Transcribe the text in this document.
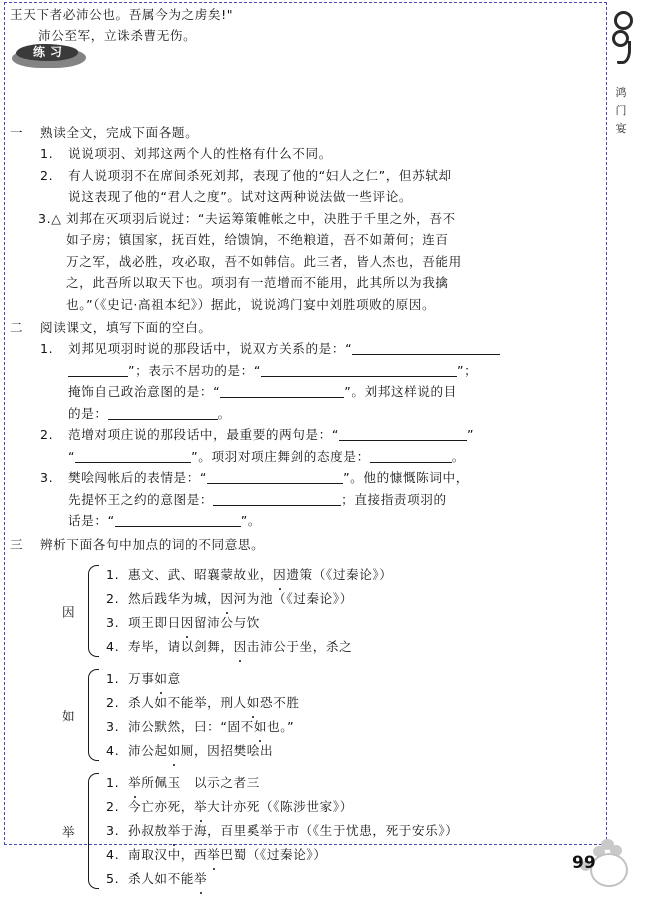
鸿
门
宴
练习
王天下者必沛公也。吾属今为之虏矣!"
沛公至军，立诛杀曹无伤。
一 熟读全文，完成下面各题。
1.	说说项羽、刘邦这两个人的性格有什么不同。
2.	有人说项羽不在席间杀死刘邦，表现了他的“妇人之仁”，但苏轼却
说这表现了他的“君人之度”。试对这两种说法做一些评论。
3.△ 刘邦在灭项羽后说过：“夫运筹策帷帐之中，决胜于千里之外，吾不
如子房；镇国家，抚百姓，给馈饷，不绝粮道，吾不如萧何；连百
万之军，战必胜，攻必取，吾不如韩信。此三者，皆人杰也，吾能用
之，此吾所以取天下也。项羽有一范增而不能用，此其所以为我擒
也。”（《史记·高祖本纪》）据此，说说鸿门宴中刘胜项败的原因。
二 阅读课文，填写下面的空白。
1.	刘邦见项羽时说的那段话中，说双方关系的是：“
”；表示不居功的是：“	”；
掩饰自己政治意图的是：“	”。刘邦这样说的目
的是：	。
2.	范增对项庄说的那段话中，最重要的两句是：“	”
“	”。项羽对项庄舞剑的态度是：	。
3.	樊哙闯帐后的表情是：“	”。他的慷慨陈词中，
先提怀王之约的意图是：	；直接指责项羽的
话是：“	”。
三 辨析下面各句中加点的词的不同意思。
因
1. 惠文、武、昭襄蒙故业，因遗策（《过秦论》）
2. 然后践华为城，因河为池（《过秦论》）
3. 项王即日因留沛公与饮
4. 寿毕，请以剑舞，因击沛公于坐，杀之
如
1. 万事如意
2. 杀人如不能举，刑人如恐不胜
3. 沛公默然，曰：“固不如也。”
4. 沛公起如厕，因招樊哙出
举
1. 举所佩玉　以示之者三
2. 今亡亦死，举大计亦死（《陈涉世家》）
3. 孙叔敖举于海，百里奚举于市（《生于忧患，死于安乐》）
4. 南取汉中，西举巴蜀（《过秦论》）
5. 杀人如不能举
99
